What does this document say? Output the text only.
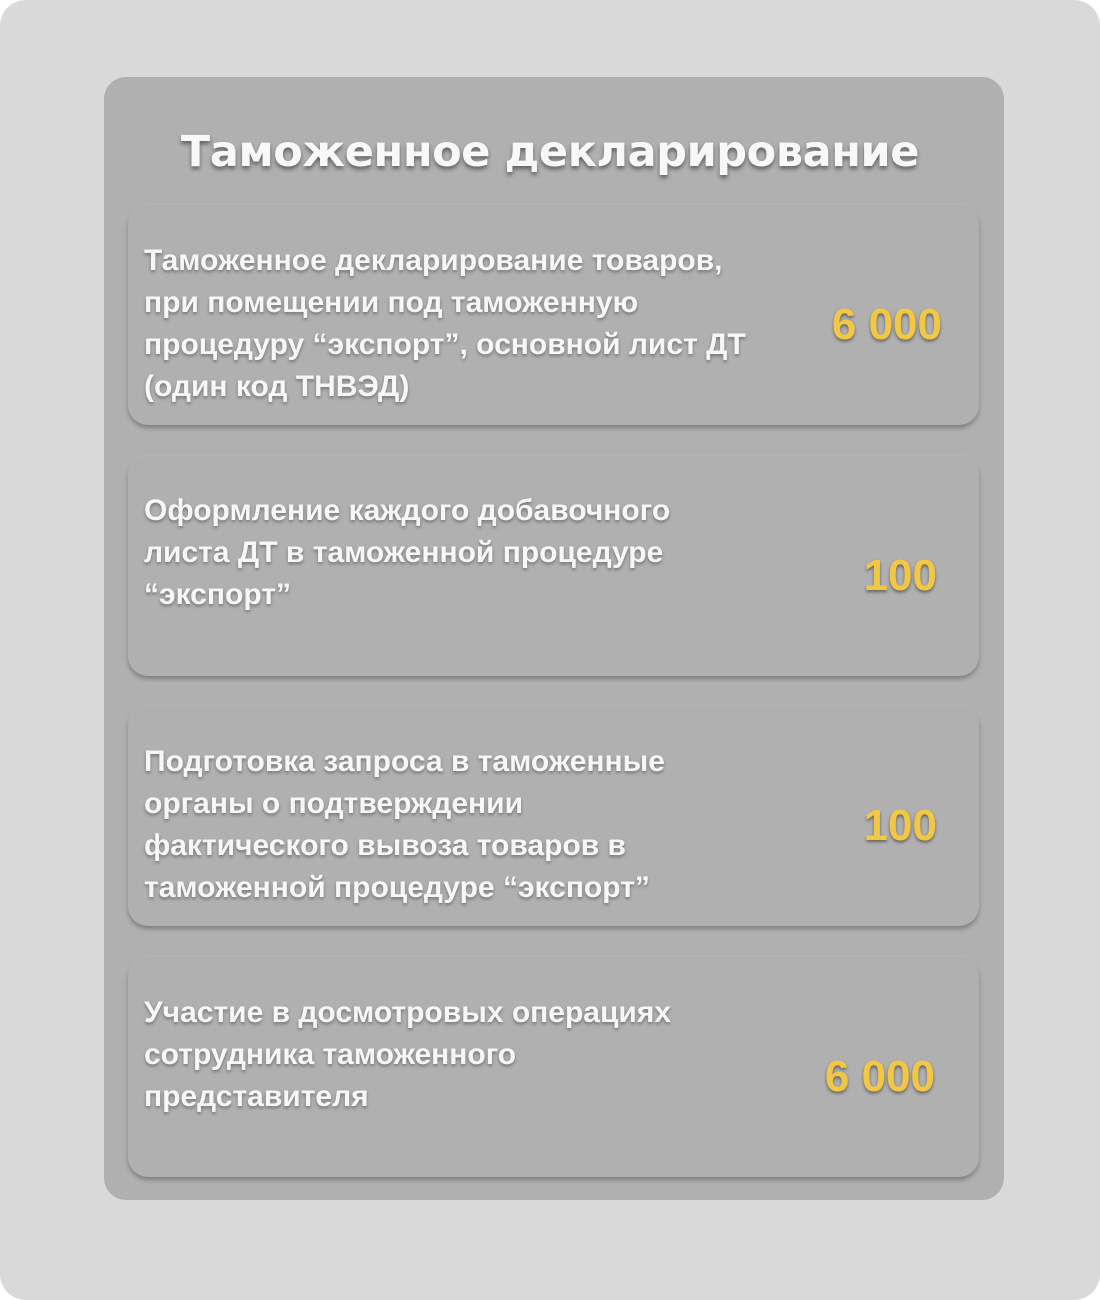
Таможенное декларирование
Таможенное декларирование товаров,
при помещении под таможенную
процедуру “экспорт”, основной лист ДТ
(один код ТНВЭД)
6 000
Оформление каждого добавочного
листа ДТ в таможенной процедуре
“экспорт”	100
Подготовка запроса в таможенные
органы о подтверждении
фактического вывоза товаров в
таможенной процедуре “экспорт”
100
Участие в досмотровых операциях
сотрудника таможенного
представителя	6 000
